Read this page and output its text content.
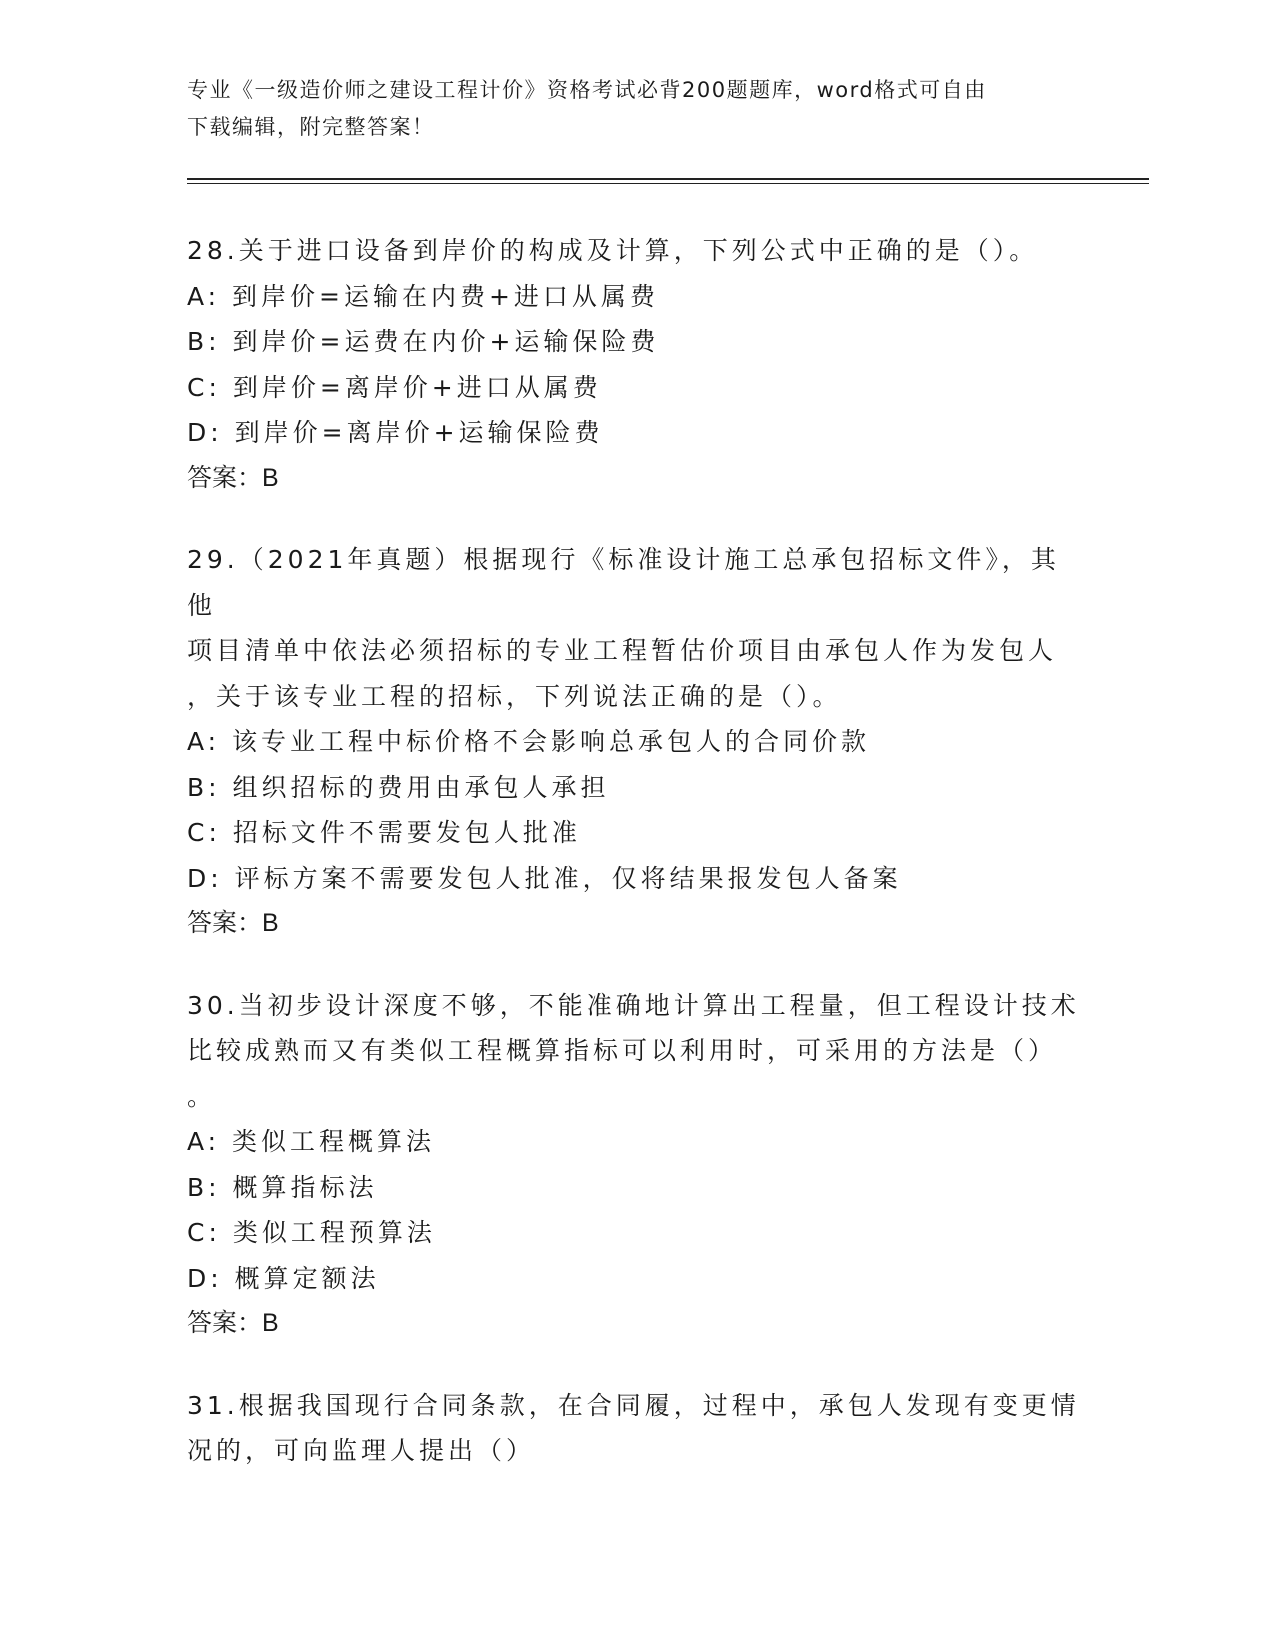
专业《一级造价师之建设工程计价》资格考试必背200题题库，word格式可自由
下载编辑，附完整答案！
28.关于进口设备到岸价的构成及计算，下列公式中正确的是（）。
A: 到岸价=运输在内费+进口从属费
B: 到岸价=运费在内价+运输保险费
C: 到岸价=离岸价+进口从属费
D: 到岸价=离岸价+运输保险费
答案：B
29.（2021年真题）根据现行《标准设计施工总承包招标文件》，其他
项目清单中依法必须招标的专业工程暂估价项目由承包人作为发包人
，关于该专业工程的招标，下列说法正确的是（）。
A: 该专业工程中标价格不会影响总承包人的合同价款
B: 组织招标的费用由承包人承担
C: 招标文件不需要发包人批准
D: 评标方案不需要发包人批准，仅将结果报发包人备案
答案：B
30.当初步设计深度不够，不能准确地计算出工程量，但工程设计技术
比较成熟而又有类似工程概算指标可以利用时，可采用的方法是（）
。
A: 类似工程概算法
B: 概算指标法
C: 类似工程预算法
D: 概算定额法
答案：B
31.根据我国现行合同条款，在合同履，过程中，承包人发现有变更情
况的，可向监理人提出（）
